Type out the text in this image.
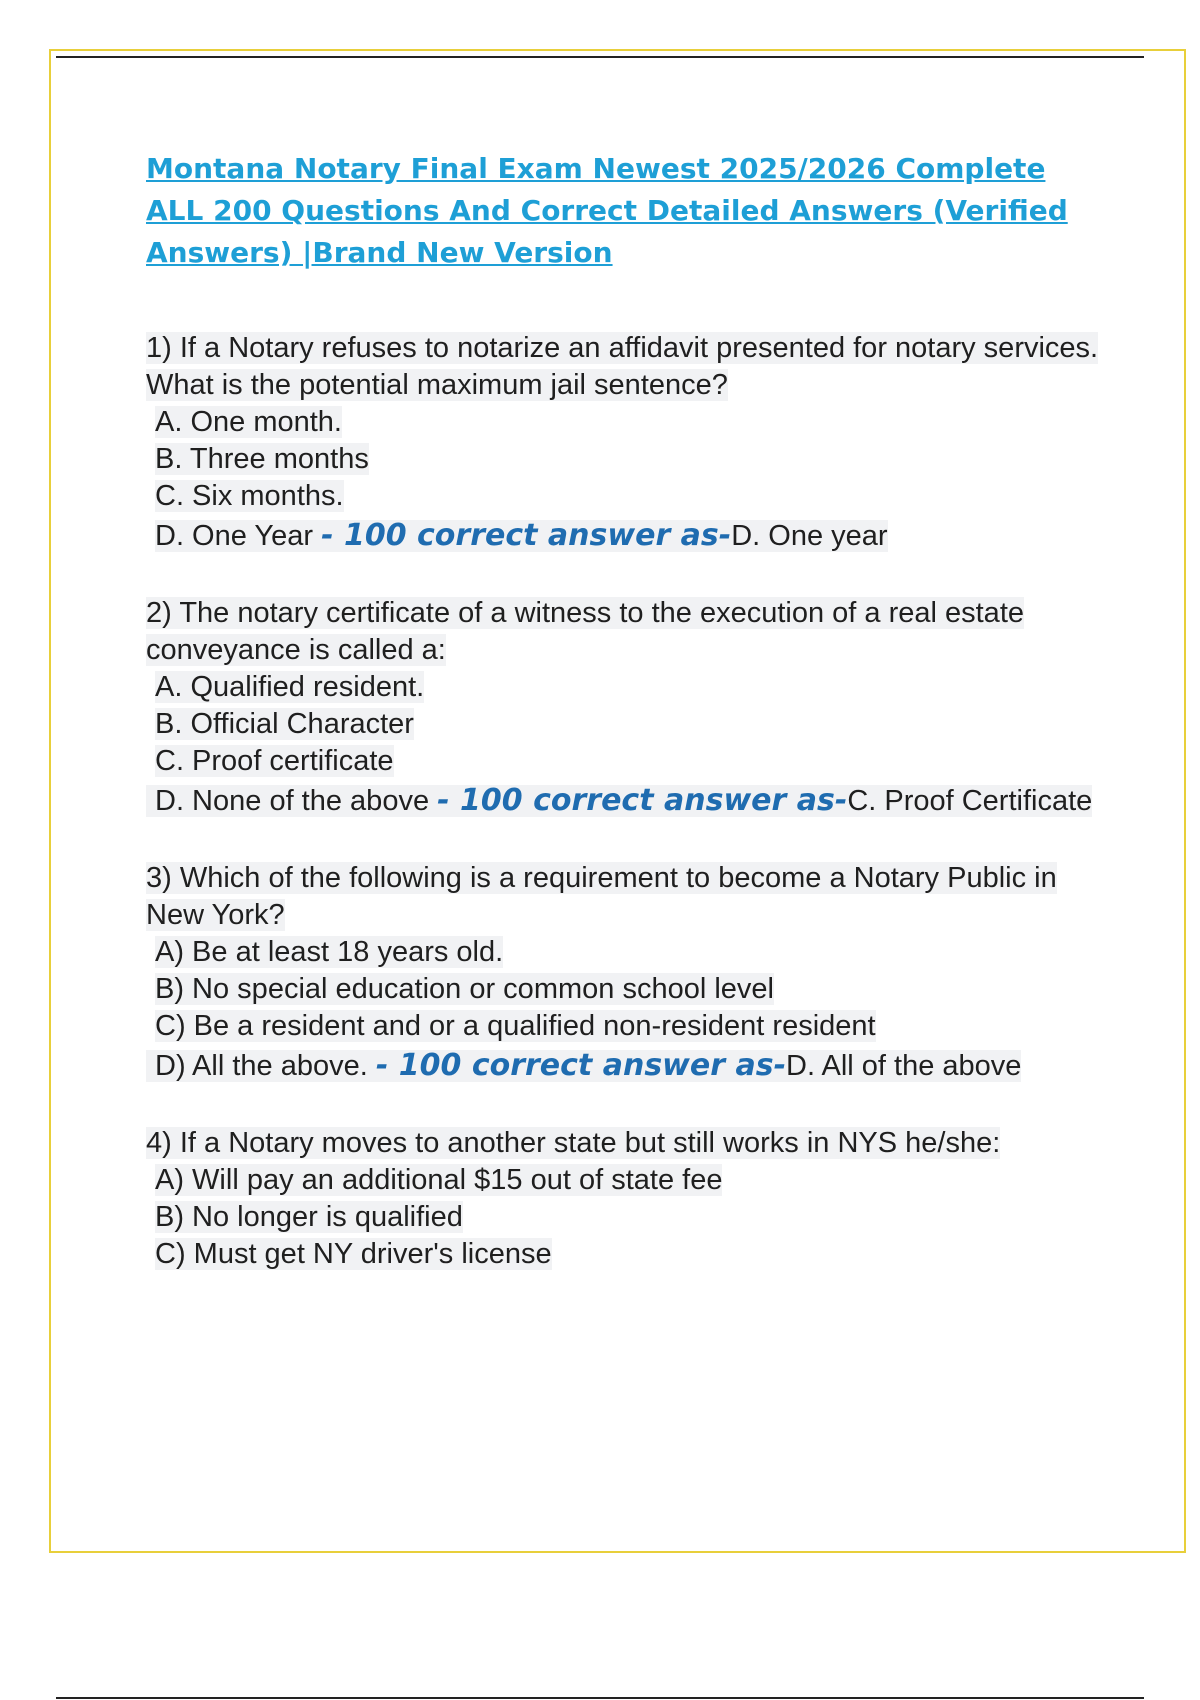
Montana Notary Final Exam Newest 2025/2026 Complete ALL 200 Questions And Correct Detailed Answers (Verified Answers) |Brand New Version
1) If a Notary refuses to notarize an affidavit presented for notary services. What is the potential maximum jail sentence?
A. One month.
B. Three months
C. Six months.
D. One Year - 100 correct answer as-D. One year
2) The notary certificate of a witness to the execution of a real estate conveyance is called a:
A. Qualified resident.
B. Official Character
C. Proof certificate
D. None of the above - 100 correct answer as-C. Proof Certificate
3) Which of the following is a requirement to become a Notary Public in New York?
A) Be at least 18 years old.
B) No special education or common school level
C) Be a resident and or a qualified non-resident resident
D) All the above. - 100 correct answer as-D. All of the above
4) If a Notary moves to another state but still works in NYS he/she:
A) Will pay an additional $15 out of state fee
B) No longer is qualified
C) Must get NY driver's license
